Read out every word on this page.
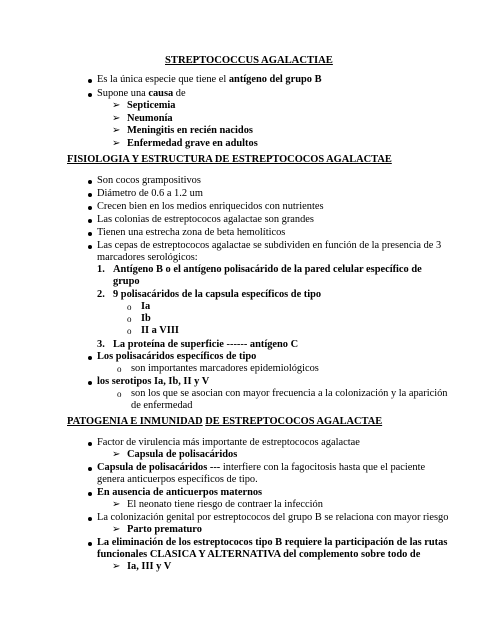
STREPTOCOCCUS AGALACTIAE
Es la única especie que tiene el antígeno del grupo B
Supone una causa de
➢ Septicemia
➢ Neumonía
➢ Meningitis en recién nacidos
➢ Enfermedad grave en adultos
FISIOLOGIA Y ESTRUCTURA DE ESTREPTOCOCOS AGALACTAE
Son cocos grampositivos
Diámetro de 0.6 a 1.2 um
Crecen bien en los medios enriquecidos con nutrientes
Las colonias de estreptococos agalactae son grandes
Tienen una estrecha zona de beta hemolíticos
Las cepas de estreptococos agalactae se subdividen en función de la presencia de 3
marcadores serológicos:
1. Antígeno B o el antígeno polisacárido de la pared celular específico de
grupo
2. 9 polisacáridos de la capsula específicos de tipo
o Ia
o Ib
o II a VIII
3. La proteína de superficie ------ antígeno C
Los polisacáridos específicos de tipo
o son importantes marcadores epidemiológicos
los serotipos Ia, Ib, II y V
o son los que se asocian con mayor frecuencia a la colonización y la aparición
de enfermedad
PATOGENIA E INMUNIDAD DE ESTREPTOCOCOS AGALACTAE
Factor de virulencia más importante de estreptococos agalactae
➢ Capsula de polisacáridos
Capsula de polisacáridos --- interfiere con la fagocitosis hasta que el paciente
genera anticuerpos específicos de tipo.
En ausencia de anticuerpos maternos
➢ El neonato tiene riesgo de contraer la infección
La colonización genital por estreptococos del grupo B se relaciona con mayor riesgo
➢ Parto prematuro
La eliminación de los estreptococos tipo B requiere la participación de las rutas
funcionales CLASICA Y ALTERNATIVA del complemento sobre todo de
➢ Ia, III y V
